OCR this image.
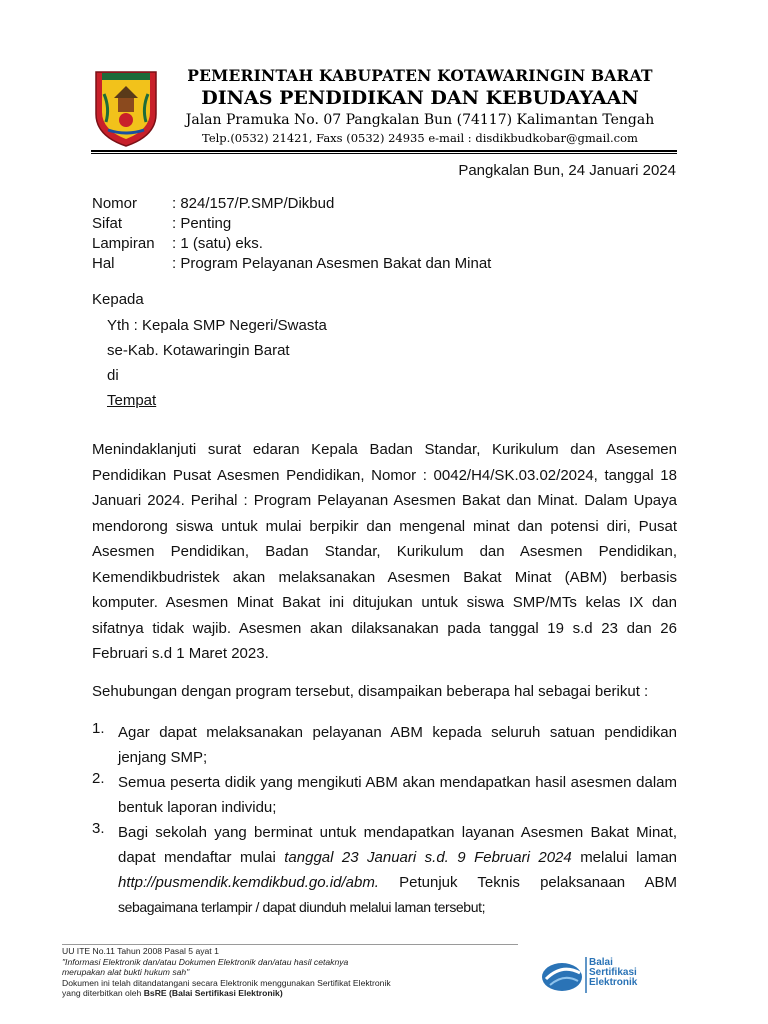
PEMERINTAH KABUPATEN KOTAWARINGIN BARAT
DINAS PENDIDIKAN DAN KEBUDAYAAN
Jalan Pramuka No. 07 Pangkalan Bun (74117) Kalimantan Tengah
Telp.(0532) 21421, Faxs (0532) 24935 e-mail : disdikbudkobar@gmail.com
Pangkalan Bun, 24 Januari 2024
Nomor : 824/157/P.SMP/Dikbud
Sifat	: Penting
Lampiran : 1 (satu) eks.
Hal	: Program Pelayanan Asesmen Bakat dan Minat
Kepada
Yth : Kepala SMP Negeri/Swasta
se-Kab. Kotawaringin Barat
di
Tempat
Menindaklanjuti surat edaran Kepala Badan Standar, Kurikulum dan Asesemen
Pendidikan Pusat Asesmen Pendidikan, Nomor : 0042/H4/SK.03.02/2024, tanggal 18
Januari 2024. Perihal : Program Pelayanan Asesmen Bakat dan Minat. Dalam Upaya
mendorong siswa untuk mulai berpikir dan mengenal minat dan potensi diri, Pusat
Asesmen Pendidikan, Badan Standar, Kurikulum dan Asesmen Pendidikan,
Kemendikbudristek akan melaksanakan Asesmen Bakat Minat (ABM) berbasis
komputer. Asesmen Minat Bakat ini ditujukan untuk siswa SMP/MTs kelas IX dan
sifatnya tidak wajib. Asesmen akan dilaksanakan pada tanggal 19 s.d 23 dan 26
Februari s.d 1 Maret 2023.
Sehubungan dengan program tersebut, disampaikan beberapa hal sebagai berikut :
1. Agar dapat melaksanakan pelayanan ABM kepada seluruh satuan pendidikan
jenjang SMP;
2. Semua peserta didik yang mengikuti ABM akan mendapatkan hasil asesmen dalam
bentuk laporan individu;
3. Bagi sekolah yang berminat untuk mendapatkan layanan Asesmen Bakat Minat,
dapat mendaftar mulai tanggal 23 Januari s.d. 9 Februari 2024 melalui laman
http://pusmendik.kemdikbud.go.id/abm. Petunjuk Teknis pelaksanaan ABM
sebagaimana terlampir / dapat diunduh melalui laman tersebut;
UU ITE No.11 Tahun 2008 Pasal 5 ayat 1
"Informasi Elektronik dan/atau Dokumen Elektronik dan/atau hasil cetaknya
merupakan alat bukti hukum sah"
Dokumen ini telah ditandatangani secara Elektronik menggunakan Sertifikat Elektronik
yang diterbitkan oleh BsRE (Balai Sertifikasi Elektronik)
Balai
Sertifikasi
Elektronik
